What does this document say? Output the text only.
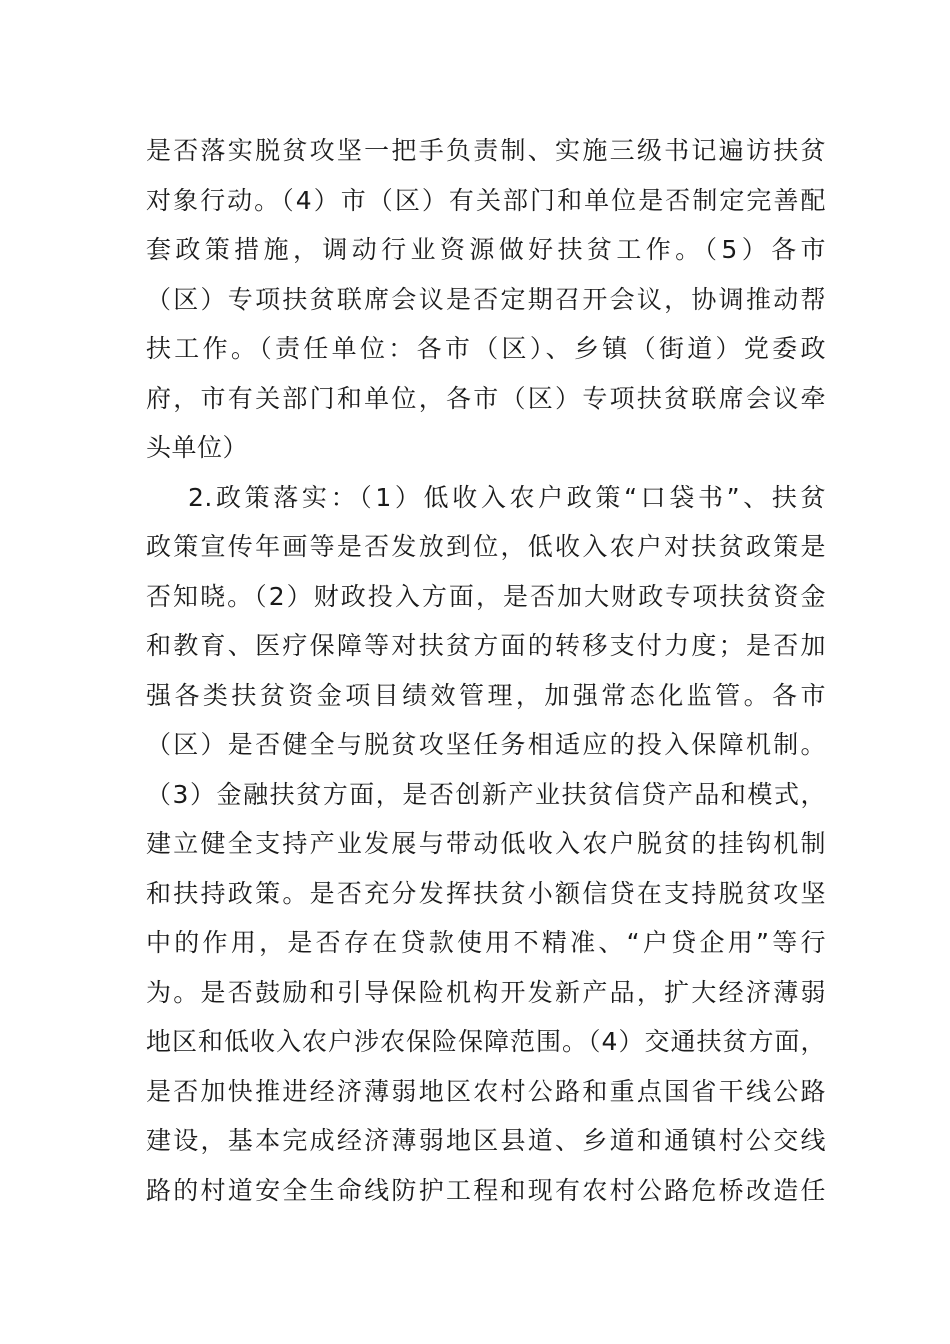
是否落实脱贫攻坚一把手负责制、实施三级书记遍访扶贫
对象行动。（4）市（区）有关部门和单位是否制定完善配
套政策措施，调动行业资源做好扶贫工作。（5）各市
（区）专项扶贫联席会议是否定期召开会议，协调推动帮
扶工作。（责任单位：各市（区）、乡镇（街道）党委政
府，市有关部门和单位，各市（区）专项扶贫联席会议牵
头单位）
2.政策落实：（1）低收入农户政策“口袋书”、扶贫
政策宣传年画等是否发放到位，低收入农户对扶贫政策是
否知晓。（2）财政投入方面，是否加大财政专项扶贫资金
和教育、医疗保障等对扶贫方面的转移支付力度；是否加
强各类扶贫资金项目绩效管理，加强常态化监管。各市
（区）是否健全与脱贫攻坚任务相适应的投入保障机制。
（3）金融扶贫方面，是否创新产业扶贫信贷产品和模式，
建立健全支持产业发展与带动低收入农户脱贫的挂钩机制
和扶持政策。是否充分发挥扶贫小额信贷在支持脱贫攻坚
中的作用，是否存在贷款使用不精准、“户贷企用”等行
为。是否鼓励和引导保险机构开发新产品，扩大经济薄弱
地区和低收入农户涉农保险保障范围。（4）交通扶贫方面，
是否加快推进经济薄弱地区农村公路和重点国省干线公路
建设，基本完成经济薄弱地区县道、乡道和通镇村公交线
路的村道安全生命线防护工程和现有农村公路危桥改造任
